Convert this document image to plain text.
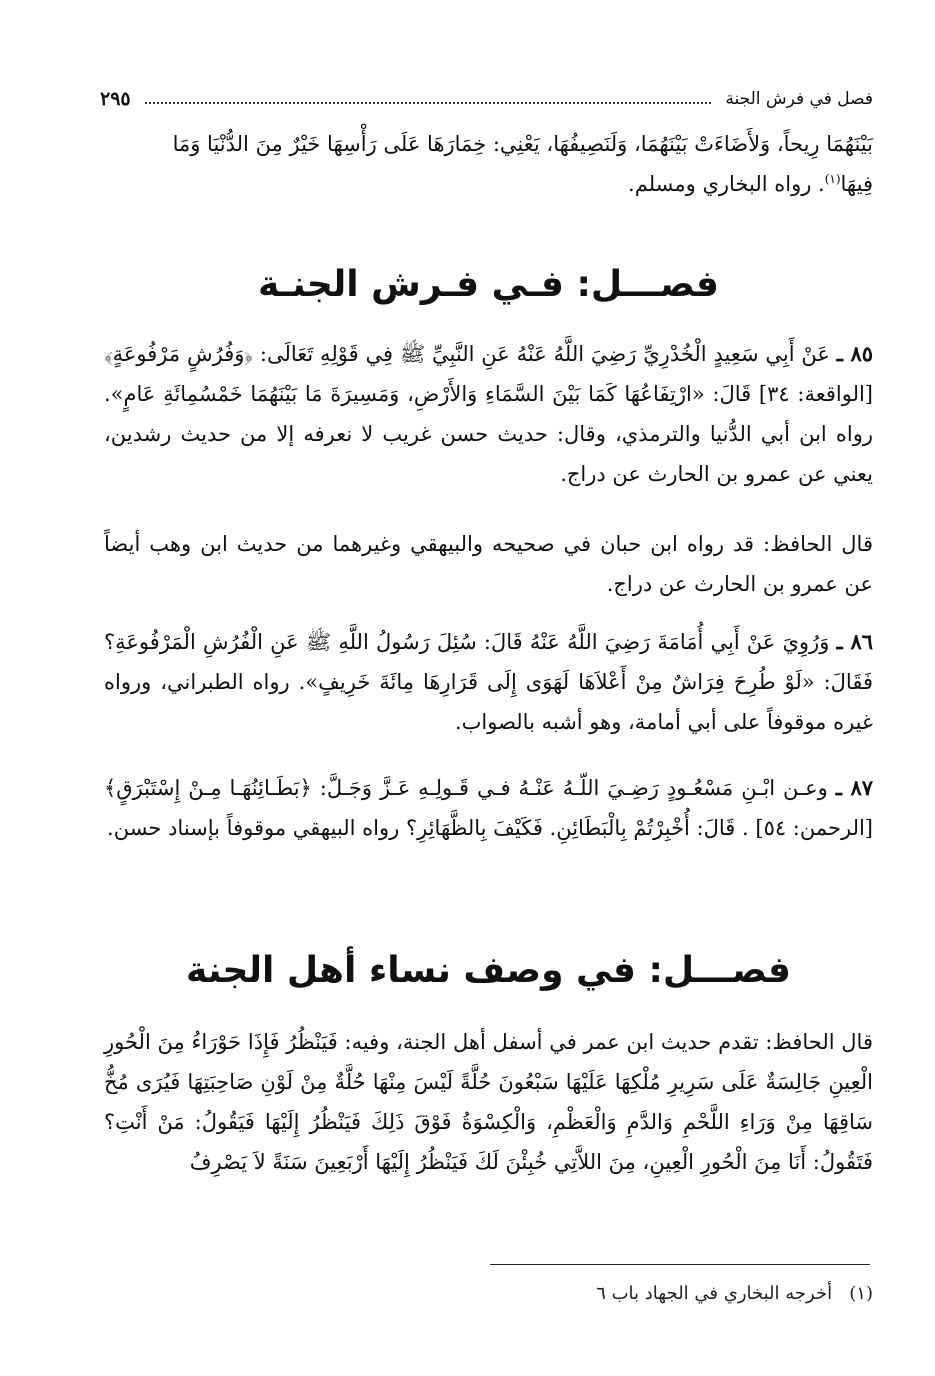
فصل في فرش الجنة
٢٩٥

بَيْنَهُمَا رِيحاً، وَلأَضَاءَتْ بَيْنَهُمَا، وَلَنَصِيفُهَا، يَعْنِي: خِمَارَهَا عَلَى رَأْسِهَا خَيْرٌ مِنَ الدُّنْيَا وَمَا

فِيهَا$^{(١)}$. رواه البخاري ومسلم.

فصـــل: فـي فـرش الجنـة

٨٥ ـ عَنْ أَبِي سَعِيدٍ الْخُدْرِيِّ رَضِيَ اللَّهُ عَنْهُ عَنِ النَّبِيِّ ﷺ فِي قَوْلِهِ تَعَالَى: ﴿وَفُرُشٍ مَرْفُوعَةٍ﴾ [الواقعة: ٣٤] قَالَ: «ارْتِفَاعُهَا كَمَا بَيْنَ السَّمَاءِ وَالأَرْضِ، وَمَسِيرَةَ مَا بَيْنَهُمَا خَمْسُمِائَةِ عَامٍ». رواه ابن أبي الدُّنيا والترمذي، وقال: حديث حسن غريب لا نعرفه إلا من حديث رشدين، يعني عن عمرو بن الحارث عن دراج.

قال الحافظ: قد رواه ابن حبان في صحيحه والبيهقي وغيرهما من حديث ابن وهب أيضاً عن عمرو بن الحارث عن دراج.

٨٦ ـ وَرُوِيَ عَنْ أَبِي أُمَامَةَ رَضِيَ اللَّهُ عَنْهُ قَالَ: سُئِلَ رَسُولُ اللَّهِ ﷺ عَنِ الْفُرُشِ الْمَرْفُوعَةِ؟ فَقَالَ: «لَوْ طُرِحَ فِرَاشٌ مِنْ أَعْلاَهَا لَهَوَى إِلَى قَرَارِهَا مِائَةَ خَرِيفٍ». رواه الطبراني، ورواه غيره موقوفاً على أبي أمامة، وهو أشبه بالصواب.

٨٧ ـ وعـن ابْـنِ مَسْعُـودٍ رَضِـيَ اللّـهُ عَنْـهُ فـي قَـولِـهِ عَـزَّ وَجَـلَّ: ﴿بَطَـائِنُهَـا مِـنْ إِسْتَبْرَقٍ﴾[الرحمن: ٥٤] . قَالَ: أُخْبِرْتُمْ بِالْبَطَائِنِ. فَكَيْفَ بِالظَّهَائِرِ؟ رواه البيهقي موقوفاً بإسناد حسن.

فصـــل: في وصف نساء أهل الجنة

قال الحافظ: تقدم حديث ابن عمر في أسفل أهل الجنة، وفيه: فَيَنْظُرُ فَإِذَا حَوْرَاءُ مِنَ الْحُورِ الْعِينِ جَالِسَةٌ عَلَى سَرِيرِ مُلْكِهَا عَلَيْهَا سَبْعُونَ حُلَّةً لَيْسَ مِنْهَا حُلَّةٌ مِنْ لَوْنِ صَاحِبَتِهَا فَيُرَى مُخُّ سَاقِهَا مِنْ وَرَاءِ اللَّحْمِ وَالدَّمِ وَالْعَظْمِ، وَالْكِسْوَةُ فَوْقَ ذَلِكَ فَيَنْظُرُ إِلَيْهَا فَيَقُولُ: مَنْ أَنْتِ؟ فَتَقُولُ: أَنَا مِنَ الْحُورِ الْعِينِ، مِنَ اللاَّتِي خُبِئْنَ لَكَ فَيَنْظُرُ إِلَيْهَا أَرْبَعِينَ سَنَةً لاَ يَصْرِفُ

(١)   أخرجه البخاري في الجهاد باب ٦
